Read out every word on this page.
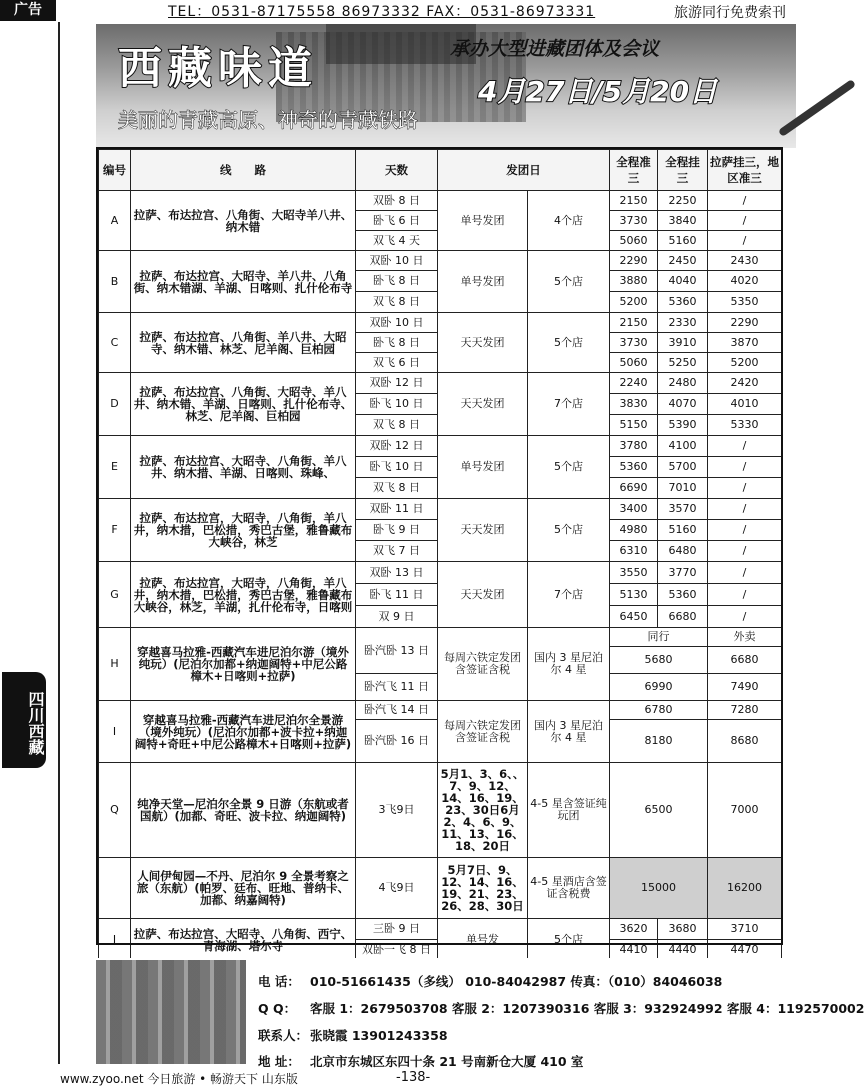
广告	TEL：0531-87175558 86973332 FAX：0531-86973331	旅游同行免费索刊
西藏味道
美丽的青藏高原、神奇的青藏铁路
承办大型进藏团体及会议
4月27日/5月20日
四川西藏
编号	线　　路	天数	发团日		全程准三	全程挂三	拉萨挂三，地区准三
A	拉萨、布达拉宫、八角街、大昭寺羊八井、纳木错	双卧 8 日	单号发团	4个店	2150	2250	/
		卧飞 6 日			3730	3840	/
		双飞 4 天			5060	5160	/
B	拉萨、布达拉宫、大昭寺、羊八井、八角街、纳木错湖、羊湖、日喀则、扎什伦布寺	双卧 10 日	单号发团	5个店	2290	2450	2430
		卧飞 8 日			3880	4040	4020
		双飞 8 日			5200	5360	5350
C	拉萨、布达拉宫、八角街、羊八井、大昭寺、纳木错、林芝、尼羊阁、巨柏园	双卧 10 日	天天发团	5个店	2150	2330	2290
		卧飞 8 日			3730	3910	3870
		双飞 6 日			5060	5250	5200
D	拉萨、布达拉宫、八角街、大昭寺、羊八井、纳木错、羊湖、日喀则、扎什伦布寺、林芝、尼羊阁、巨柏园	双卧 12 日	天天发团	7个店	2240	2480	2420
		卧飞 10 日			3830	4070	4010
		双飞 8 日			5150	5390	5330
E	拉萨、布达拉宫、大昭寺、八角街、羊八井、纳木措、羊湖、日喀则、珠峰、	双卧 12 日	单号发团	5个店	3780	4100	/
		卧飞 10 日			5360	5700	/
		双飞 8 日			6690	7010	/
F	拉萨、布达拉宫，大昭寺，八角街，羊八井，纳木措，巴松措，秀巴古堡，雅鲁藏布大峡谷，林芝	双卧 11 日	天天发团	5个店	3400	3570	/
		卧飞 9 日			4980	5160	/
		双飞 7 日			6310	6480	/
G	拉萨、布达拉宫，大昭寺，八角街，羊八井，纳木措，巴松措，秀巴古堡，雅鲁藏布大峡谷，林芝，羊湖，扎什伦布寺，日喀则	双卧 13 日	天天发团	7个店	3550	3770	/
		卧飞 11 日			5130	5360	/
		双 9 日			6450	6680	/
H	穿越喜马拉雅-西藏汽车进尼泊尔游（境外纯玩）(尼泊尔加都+纳迦阔特+中尼公路樟木+日喀则+拉萨)	卧汽卧 13 日	每周六铁定发团含签证含税	国内 3 星尼泊尔 4 星	同行		外卖
					5680		6680
		卧汽飞 11 日			6990		7490
I	穿越喜马拉雅-西藏汽车进尼泊尔全景游（境外纯玩）(尼泊尔加都+波卡拉+纳迦阔特+奇旺+中尼公路樟木+日喀则+拉萨)	卧汽飞 14 日	每周六铁定发团含签证含税	国内 3 星尼泊尔 4 星	6780		7280
		卧汽卧 16 日			8180		8680
Q	纯净天堂—尼泊尔全景 9 日游（东航或者国航）(加都、奇旺、波卡拉、纳迦阔特)	3飞9日	5月1、3、6、、7、9、12、14、16、19、23、30日6月2、4、6、9、11、13、16、18、20日	4-5 星含签证纯玩团	6500		7000
	人间伊甸园—不丹、尼泊尔 9 全景考察之旅（东航）(帕罗、廷布、旺地、普纳卡、加都、纳嘉阔特)	4飞9日	5月7日、9、12、14、16、19、21、23、26、28、30日	4-5 星酒店含签证含税费	15000		16200
J	拉萨、布达拉宫、大昭寺、八角街、西宁、青海湖、塔尔寺	三卧 9 日	单号发	5个店	3620	3680	3710
		双卧一飞 8 日			4410	4440	4470
电 话： 010-51661435（多线） 010-84042987 传真：（010）84046038
Q Q： 客服 1：2679503708 客服 2：1207390316 客服 3：932924992 客服 4：1192570002
联系人： 张晓霞 13901243358
地 址： 北京市东城区东四十条 21 号南新仓大厦 410 室
www.zyoo.net 今日旅游 • 畅游天下 山东版	-138-
